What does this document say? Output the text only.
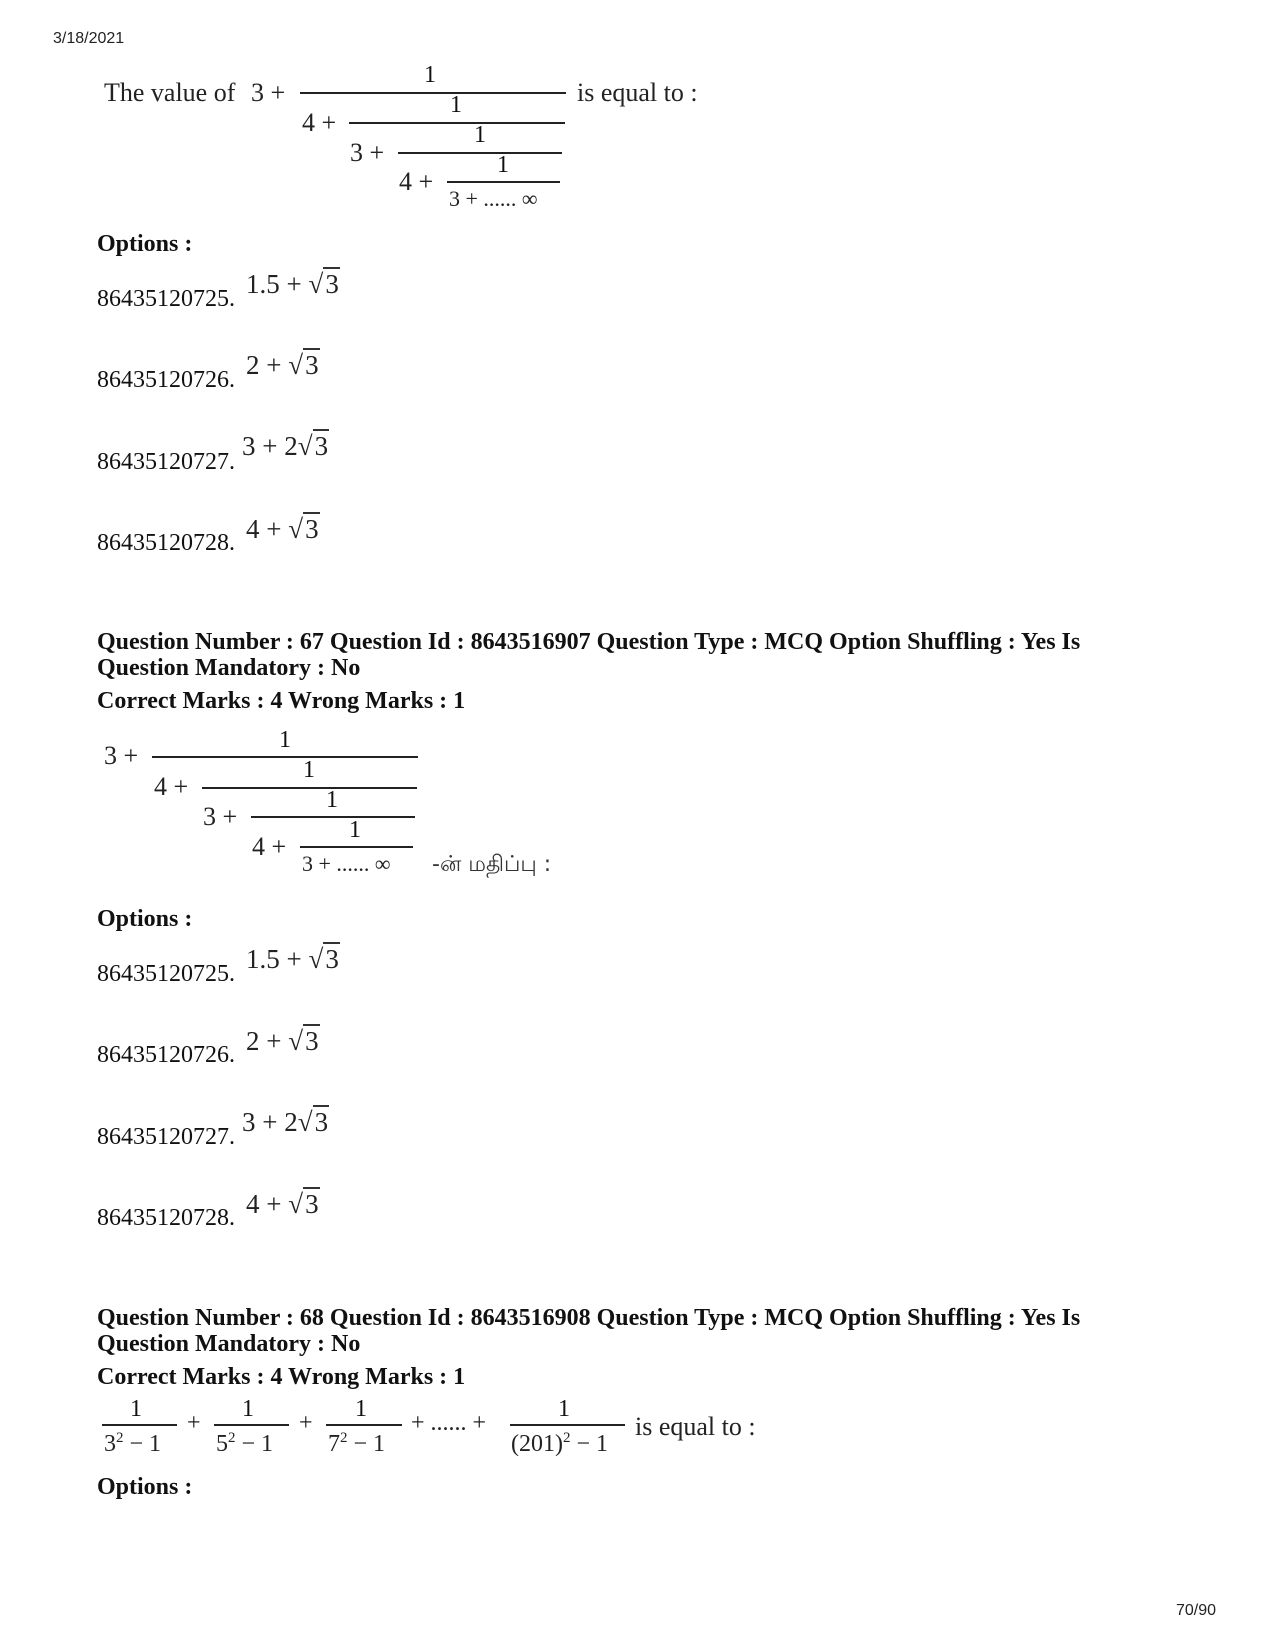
3/18/2021
The value of 3 +
1
4 +
1
3 +
1
4 +
1
3 + ...... ∞
is equal to :
Options :
86435120725. 1.5 + √3
86435120726. 2 + √3
86435120727.
3 + 2√3
86435120728. 4 + √3
Question Number : 67 Question Id : 8643516907 Question Type : MCQ Option Shuffling : Yes Is
Question Mandatory : No
Correct Marks : 4 Wrong Marks : 1
3 +
1
4 +
1
3 +
1
4 +
1
3 + ...... ∞ -ன் மதிப்பு :
Options :
86435120725. 1.5 + √3
86435120726. 2 + √3
86435120727. 3 + 2√3
86435120728. 4 + √3
Question Number : 68 Question Id : 8643516908 Question Type : MCQ Option Shuffling : Yes Is
Question Mandatory : No
Correct Marks : 4 Wrong Marks : 1
1
$3^2 - 1$
+
1
$5^2 - 1$
+
1
$7^2 - 1$
+ ...... +
1
$(201)^2 - 1$
is equal to :
Options :
70/90
